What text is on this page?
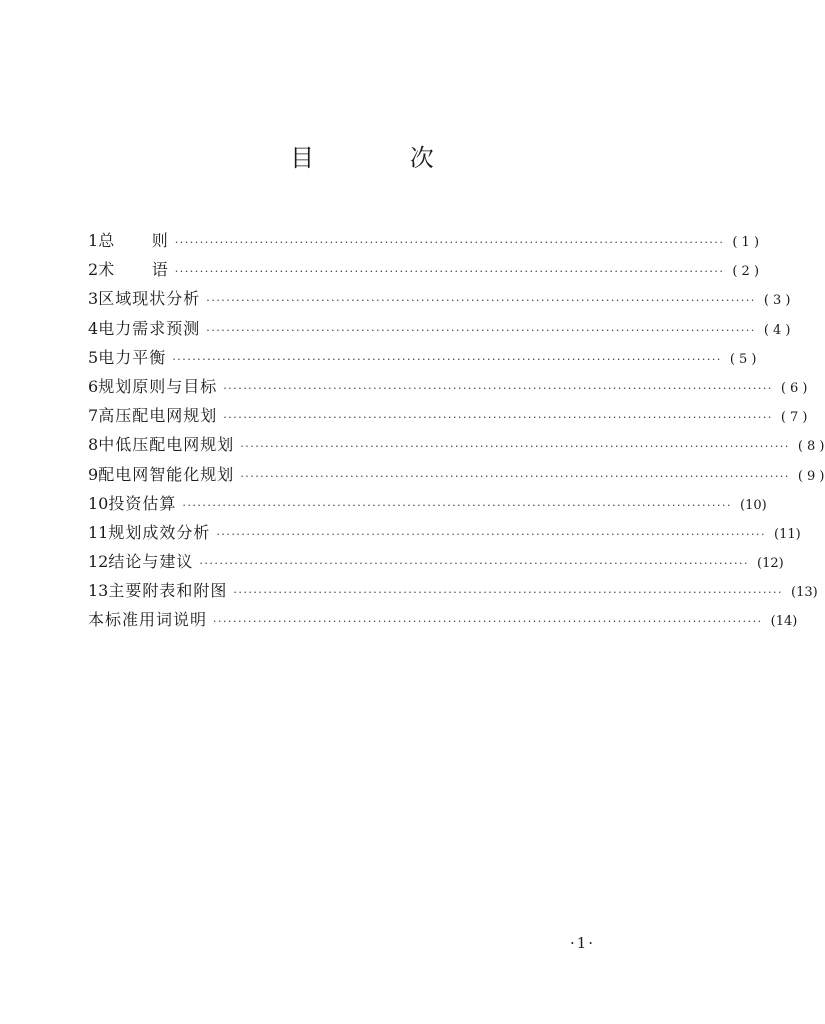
目 次
1 总      则 ·············································································································· ( 1 )
2 术      语 ·············································································································· ( 2 )
3 区域现状分析 ·············································································································· ( 3 )
4 电力需求预测 ·············································································································· ( 4 )
5 电力平衡 ·············································································································· ( 5 )
6 规划原则与目标 ·············································································································· ( 6 )
7 高压配电网规划 ·············································································································· ( 7 )
8 中低压配电网规划 ·············································································································· ( 8 )
9 配电网智能化规划 ·············································································································· ( 9 )
10 投资估算 ·············································································································· (10)
11 规划成效分析 ·············································································································· (11)
12 结论与建议 ·············································································································· (12)
13 主要附表和附图 ·············································································································· (13)
本标准用词说明 ·············································································································· (14)
·1·
